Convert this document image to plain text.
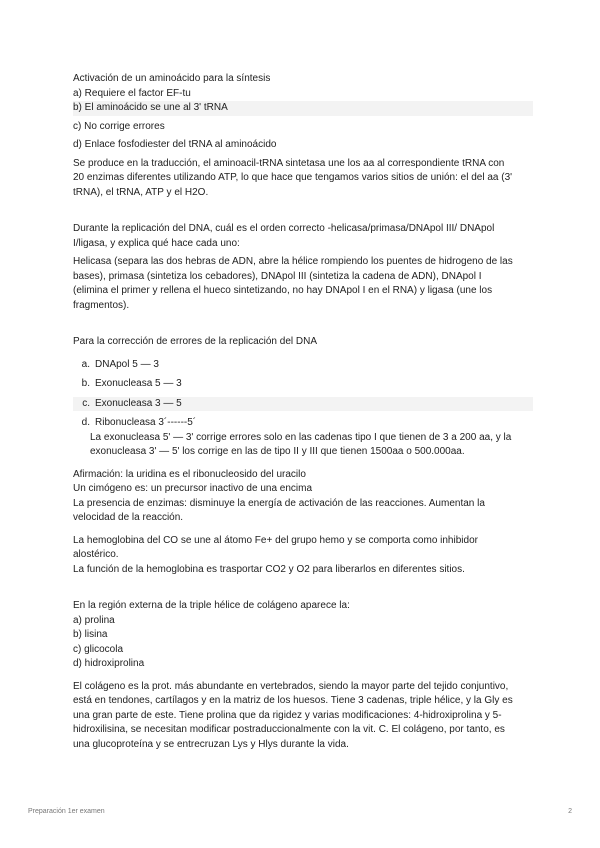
Activación de un aminoácido para la síntesis

a) Requiere el factor EF-tu

b) El aminoácido se une al 3' tRNA

c) No corrige errores

d) Enlace fosfodiester del tRNA al aminoácido

Se produce en la traducción, el aminoacil-tRNA sintetasa une los aa al correspondiente tRNA con

20 enzimas diferentes utilizando ATP, lo que hace que tengamos varios sitios de unión: el del aa (3'

tRNA), el tRNA, ATP y el H2O.

Durante la replicación del DNA, cuál es el orden correcto -helicasa/primasa/DNApol III/ DNApol

I/ligasa, y explica qué hace cada uno:

Helicasa (separa las dos hebras de ADN, abre la hélice rompiendo los puentes de hidrogeno de las

bases), primasa (sintetiza los cebadores), DNApol III (sintetiza la cadena de ADN), DNApol I

(elimina el primer y rellena el hueco sintetizando, no hay DNApol I en el RNA) y ligasa (une los

fragmentos).

Para la corrección de errores de la replicación del DNA

a. DNApol 5 — 3
b. Exonucleasa 5 — 3
c. Exonucleasa 3 — 5
d. Ribonucleasa 3´------5´

La exonucleasa 5' — 3' corrige errores solo en las cadenas tipo I que tienen de 3 a 200 aa, y la

exonucleasa 3' — 5' los corrige en las de tipo II y III que tienen 1500aa o 500.000aa.

Afirmación: la uridina es el ribonucleosido del uracilo

Un cimógeno es: un precursor inactivo de una encima

La presencia de enzimas: disminuye la energía de activación de las reacciones. Aumentan la

velocidad de la reacción.

La hemoglobina del CO se une al átomo Fe+ del grupo hemo y se comporta como inhibidor

alostérico.

La función de la hemoglobina es trasportar CO2 y O2 para liberarlos en diferentes sitios.

En la región externa de la triple hélice de colágeno aparece la:

a) prolina

b) lisina

c) glicocola

d) hidroxiprolina

El colágeno es la prot. más abundante en vertebrados, siendo la mayor parte del tejido conjuntivo,

está en tendones, cartílagos y en la matriz de los huesos. Tiene 3 cadenas, triple hélice, y la Gly es

una gran parte de este. Tiene prolina que da rigidez y varias modificaciones: 4-hidroxiprolina y 5-

hidroxilisina, se necesitan modificar postraduccionalmente con la vit. C. El colágeno, por tanto, es

una glucoproteína y se entrecruzan Lys y Hlys durante la vida.

Preparación 1er examen	2
